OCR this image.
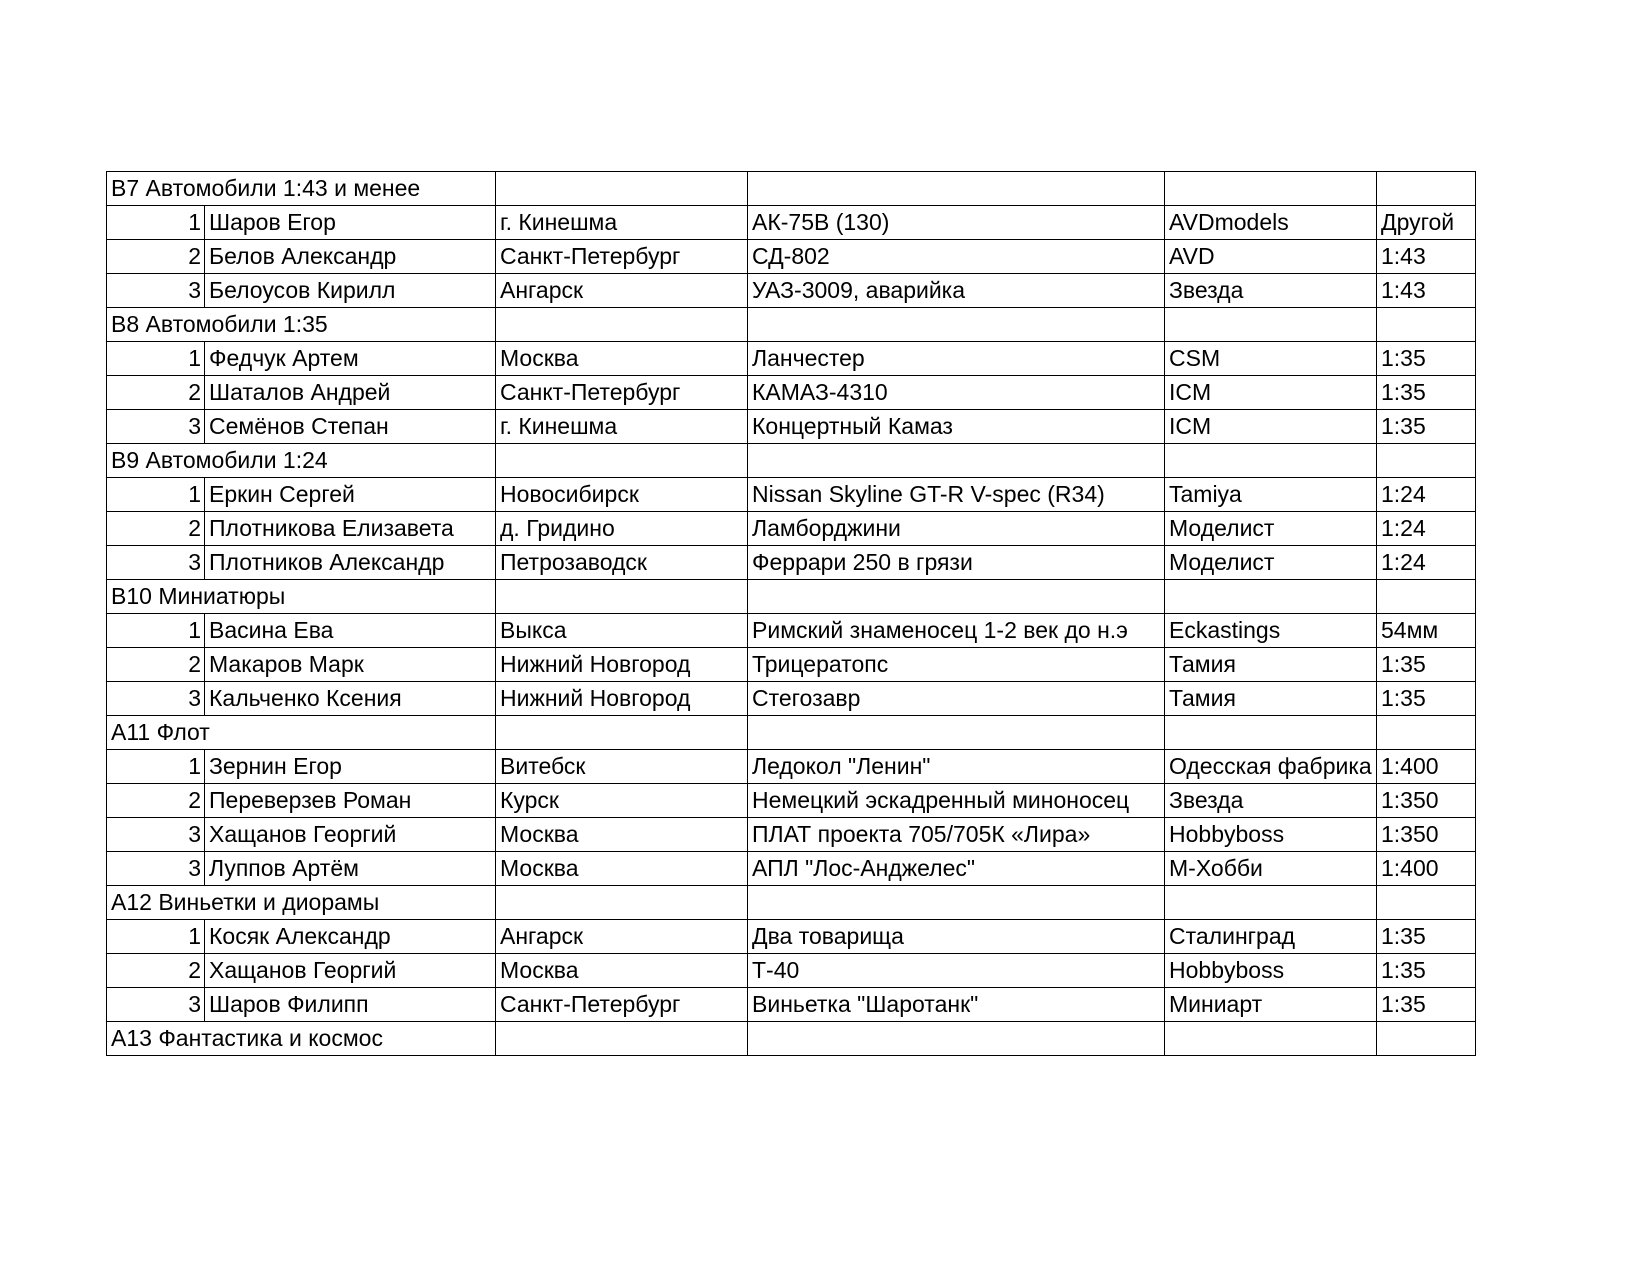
В7 Автомобили 1:43 и менее					
1	Шаров Егор	г. Кинешма	АК-75В (130)	AVDmodels	Другой
2	Белов Александр	Санкт-Петербург	СД-802	AVD	1:43
3	Белоусов Кирилл	Ангарск	УАЗ-3009, аварийка	Звезда	1:43
В8 Автомобили 1:35					
1	Федчук Артем	Москва	Ланчестер	CSM	1:35
2	Шаталов Андрей	Санкт-Петербург	КАМАЗ-4310	ICM	1:35
3	Семёнов Степан	г. Кинешма	Концертный Камаз	ICM	1:35
В9 Автомобили 1:24					
1	Еркин Сергей	Новосибирск	Nissan Skyline GT-R V-spec (R34)	Tamiya	1:24
2	Плотникова Елизавета	д. Гридино	Ламборджини	Моделист	1:24
3	Плотников Александр	Петрозаводск	Феррари 250 в грязи	Моделист	1:24
В10 Миниатюры					
1	Васина Ева	Выкса	Римский знаменосец 1-2 век до н.э	Eckastings	54мм
2	Макаров Марк	Нижний Новгород	Трицератопс	Тамия	1:35
3	Кальченко Ксения	Нижний Новгород	Стегозавр	Тамия	1:35
А11 Флот					
1	Зернин Егор	Витебск	Ледокол "Ленин"	Одесская фабрика	1:400
2	Переверзев Роман	Курск	Немецкий эскадренный миноносец	Звезда	1:350
3	Хащанов Георгий	Москва	ПЛАТ проекта 705/705К «Лира»	Hobbyboss	1:350
3	Луппов Артём	Москва	АПЛ "Лос-Анджелес"	М-Хобби	1:400
А12 Виньетки и диорамы					
1	Косяк Александр	Ангарск	Два товарища	Сталинград	1:35
2	Хащанов Георгий	Москва	Т-40	Hobbyboss	1:35
3	Шаров Филипп	Санкт-Петербург	Виньетка "Шаротанк"	Миниарт	1:35
А13 Фантастика и космос					
